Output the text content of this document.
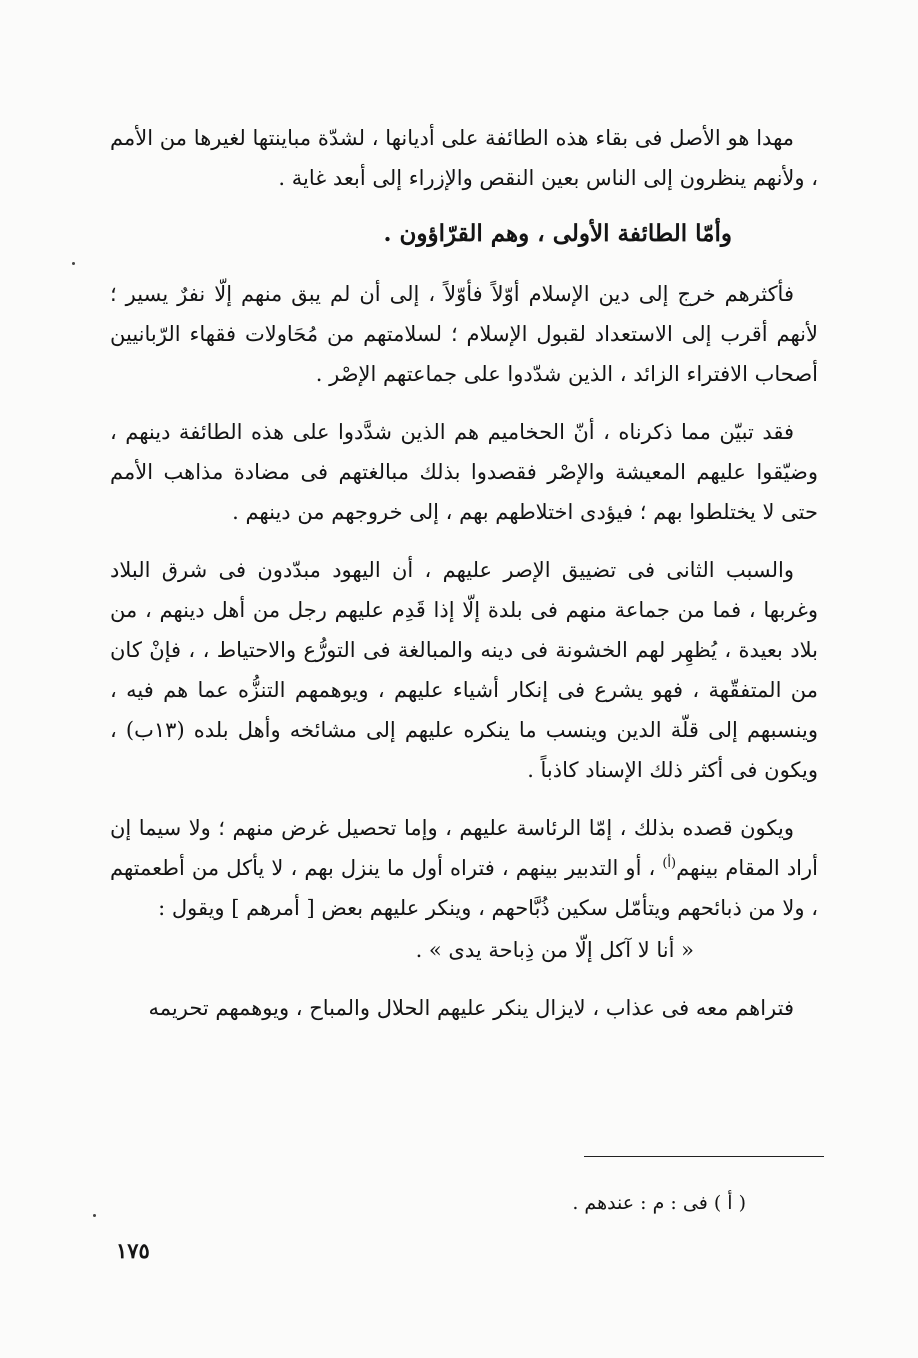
مهدا هو الأصل فى بقاء هذه الطائفة على أديانها ، لشدّة مباينتها لغيرها من الأمم ، ولأنهم ينظرون إلى الناس بعين النقص والإزراء إلى أبعد غاية .

وأمّا الطائفة الأولى ، وهم القرّاؤون .

فأكثرهم خرج إلى دين الإسلام أوّلاً فأوّلاً ، إلى أن لم يبق منهم إلّا نفرٌ يسير ؛ لأنهم أقرب إلى الاستعداد لقبول الإسلام ؛ لسلامتهم من مُحَاولات فقهاء الرّبانيين أصحاب الافتراء الزائد ، الذين شدّدوا على جماعتهم الإصْر .

فقد تبيّن مما ذكرناه ، أنّ الحخاميم هم الذين شدَّدوا على هذه الطائفة دينهم ، وضيّقوا عليهم المعيشة والإصْر فقصدوا بذلك مبالغتهم فى مضادة مذاهب الأمم حتى لا يختلطوا بهم ؛ فيؤدى اختلاطهم بهم ، إلى خروجهم من دينهم .

والسبب الثانى فى تضييق الإصر عليهم ، أن اليهود مبدّدون فى شرق البلاد وغربها ، فما من جماعة منهم فى بلدة إلّا إذا قَدِم عليهم رجل من أهل دينهم ، من بلاد بعيدة ، يُظهِر لهم الخشونة فى دينه والمبالغة فى التورُّع والاحتياط ، ، فإنْ كان من المتفقّهة ، فهو يشرع فى إنكار أشياء عليهم ، ويوهمهم التنزُّه عما هم فيه ، وينسبهم إلى قلّة الدين وينسب ما ينكره عليهم إلى مشائخه وأهل بلده (١٣ب) ، ويكون فى أكثر ذلك الإسناد كاذباً .

ويكون قصده بذلك ، إمّا الرئاسة عليهم ، وإما تحصيل غرض منهم ؛ ولا سيما إن أراد المقام بينهم$^{(أ)}$ ، أو التدبير بينهم ، فتراه أول ما ينزل بهم ، لا يأكل من أطعمتهم ، ولا من ذبائحهم ويتأمّل سكين ذُبَّاحهم ، وينكر عليهم بعض [ أمرهم ] ويقول :

« أنا لا آكل إلّا من ذِباحة يدى » .

فتراهم معه فى عذاب ، لايزال ينكر عليهم الحلال والمباح ، ويوهمهم تحريمه

( أ ) فى : م : عندهم .
١٧٥
